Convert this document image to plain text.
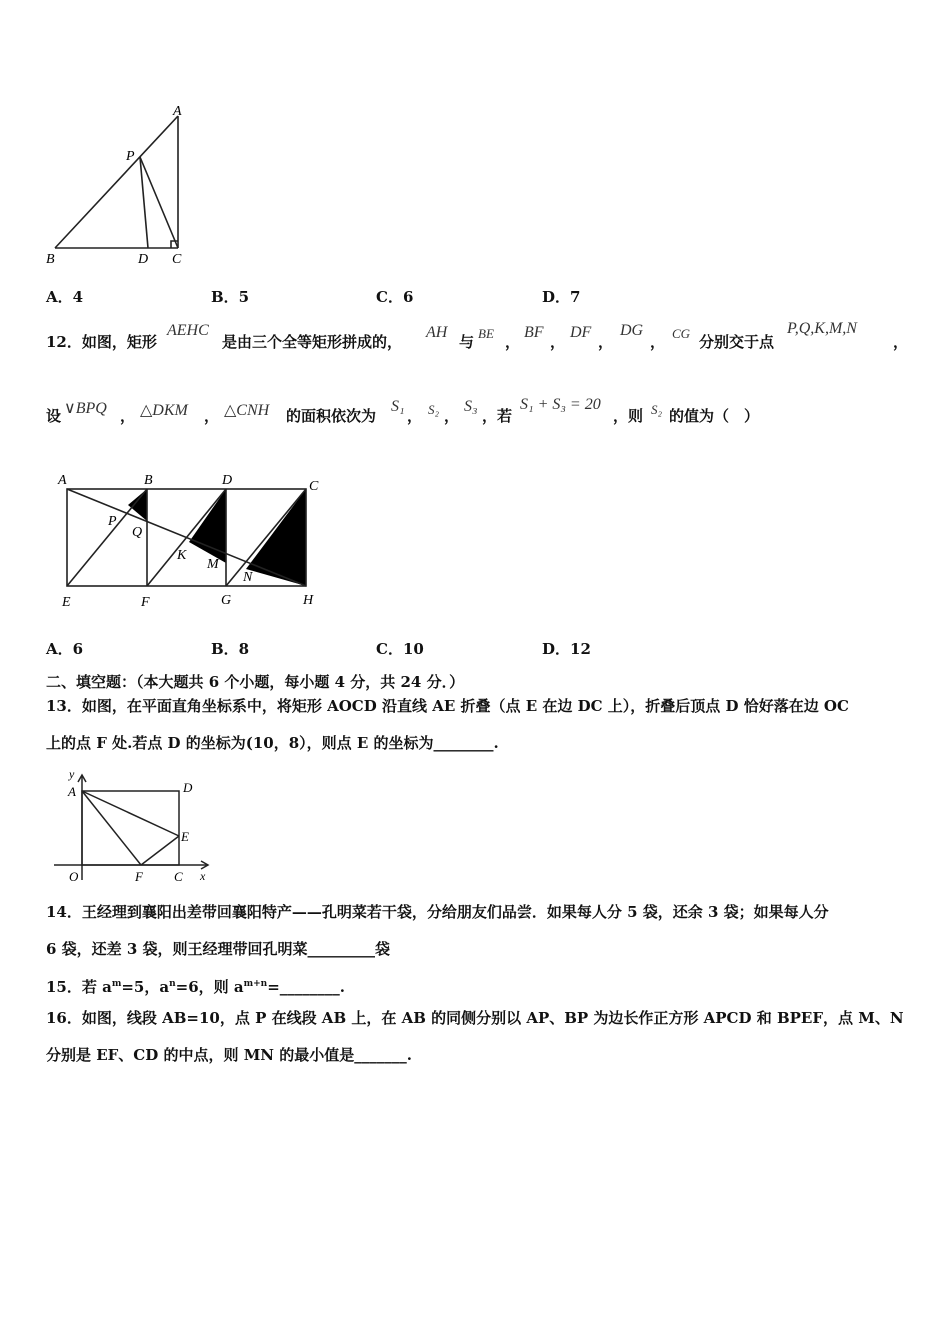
A
P
B	D C
A．4	B．5	C．6	D．7
12．如图，矩形
AEHC
是由三个全等矩形拼成的，
AH
与 BE ，
BF
，
DF
，
DG
， CG 分别交于点
P,Q,K,M,N
，
设 ∨BPQ ， △DKM ， △CNH 的面积依次为
S₁
， S₂ ，
S₃
，若
S₁ + S₃ = 20
，则 S₂ 的值为（　）
A	B	D	C
P
Q
K
M
N
E	F	G	H
A．6	B．8	C．10	D．12
二、填空题：（本大题共 6 个小题，每小题 4 分，共 24 分．）
13．如图，在平面直角坐标系中，将矩形 AOCD 沿直线 AE 折叠（点 E 在边 DC 上），折叠后顶点 D 恰好落在边 OC
上的点 F 处.若点 D 的坐标为(10，8），则点 E 的坐标为________.
y
A	D
E
O	F C x
14．王经理到襄阳出差带回襄阳特产——孔明菜若干袋，分给朋友们品尝．如果每人分 5 袋，还余 3 袋；如果每人分
6 袋，还差 3 袋，则王经理带回孔明菜_________袋
15．若 $a^m=5$，$a^n=6$，则 $a^{m+n}=\_\_\_\_\_\_\_\_$.
16．如图，线段 AB=10，点 P 在线段 AB 上，在 AB 的同侧分别以 AP、BP 为边长作正方形 APCD 和 BPEF，点 M、N
分别是 EF、CD 的中点，则 MN 的最小值是_______.
